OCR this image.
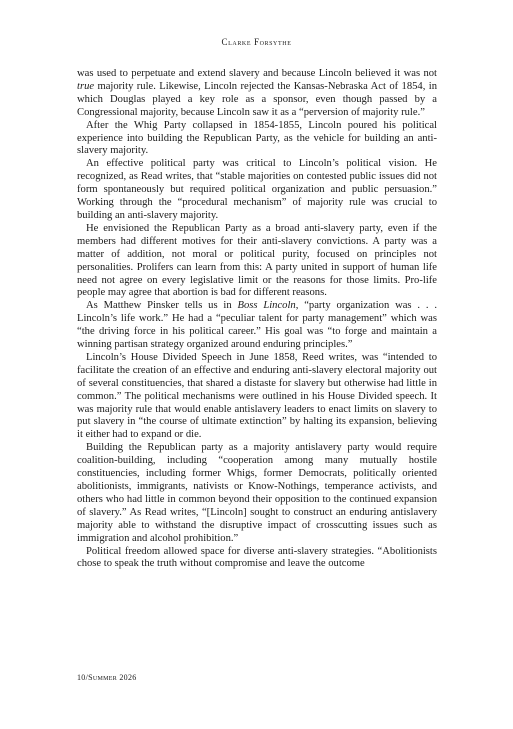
Clarke Forsythe

was used to perpetuate and extend slavery and because Lincoln believed it was not true majority rule. Likewise, Lincoln rejected the Kansas-Nebraska Act of 1854, in which Douglas played a key role as a sponsor, even though passed by a Congressional majority, because Lincoln saw it as a “perversion of majority rule.”

After the Whig Party collapsed in 1854-1855, Lincoln poured his political experience into building the Republican Party, as the vehicle for building an anti-slavery majority.

An effective political party was critical to Lincoln’s political vision. He recognized, as Read writes, that “stable majorities on contested public issues did not form spontaneously but required political organization and public persuasion.” Working through the “procedural mechanism” of majority rule was crucial to building an anti-slavery majority.

He envisioned the Republican Party as a broad anti-slavery party, even if the members had different motives for their anti-slavery convictions. A party was a matter of addition, not moral or political purity, focused on principles not personalities. Prolifers can learn from this: A party united in support of human life need not agree on every legislative limit or the reasons for those limits. Pro-life people may agree that abortion is bad for different reasons.

As Matthew Pinsker tells us in Boss Lincoln, “party organization was . . . Lincoln’s life work.” He had a “peculiar talent for party management” which was “the driving force in his political career.” His goal was “to forge and maintain a winning partisan strategy organized around enduring principles.”

Lincoln’s House Divided Speech in June 1858, Reed writes, was “intended to facilitate the creation of an effective and enduring anti-slavery electoral majority out of several constituencies, that shared a distaste for slavery but otherwise had little in common.” The political mechanisms were outlined in his House Divided speech. It was majority rule that would enable antislavery leaders to enact limits on slavery to put slavery in “the course of ultimate extinction” by halting its expansion, believing it either had to expand or die.

Building the Republican party as a majority antislavery party would require coalition-building, including “cooperation among many mutually hostile constituencies, including former Whigs, former Democrats, politically oriented abolitionists, immigrants, nativists or Know-Nothings, temperance activists, and others who had little in common beyond their opposition to the continued expansion of slavery.” As Read writes, “[Lincoln] sought to construct an enduring antislavery majority able to withstand the disruptive impact of crosscutting issues such as immigration and alcohol prohibition.”

Political freedom allowed space for diverse anti-slavery strategies. “Abolitionists chose to speak the truth without compromise and leave the outcome

10/Summer 2026
